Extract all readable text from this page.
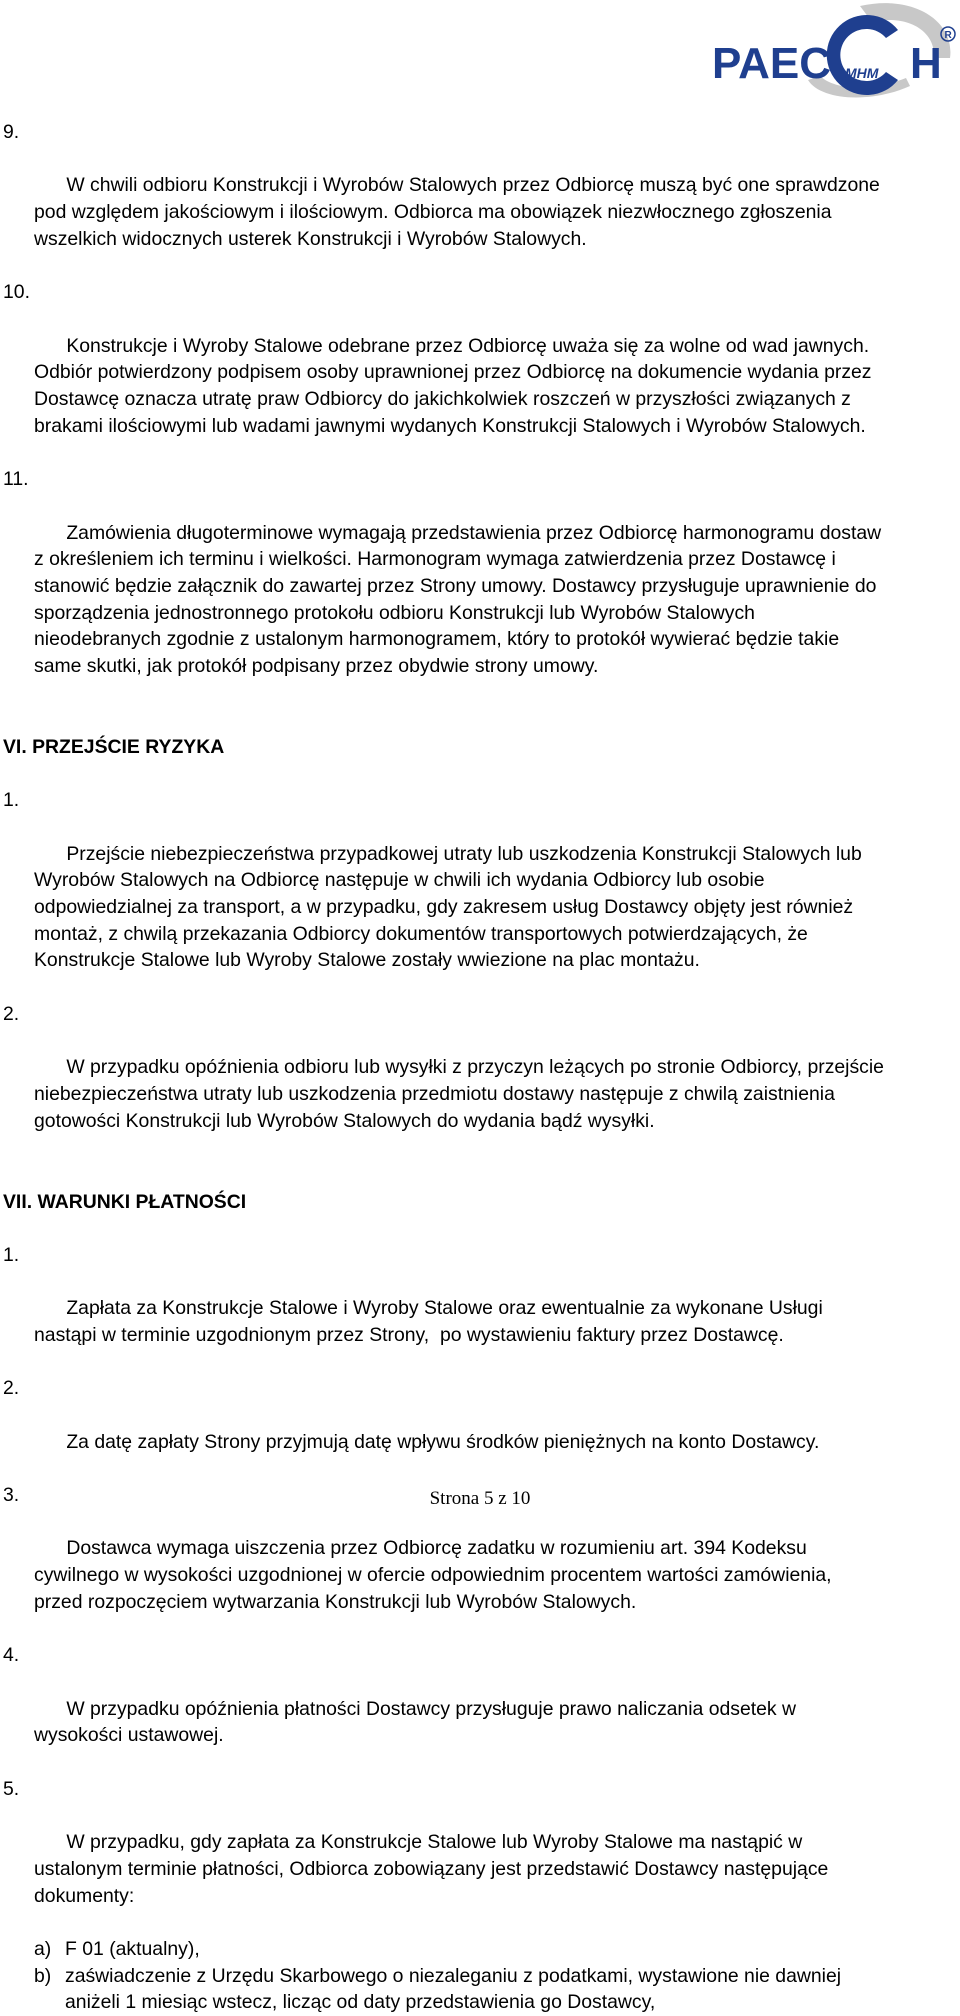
PAEC H
MHM
R

9.

W chwili odbioru Konstrukcji i Wyrobów Stalowych przez Odbiorcę muszą być one sprawdzone pod względem jakościowym i ilościowym. Odbiorca ma obowiązek niezwłocznego zgłoszenia wszelkich widocznych usterek Konstrukcji i Wyrobów Stalowych.

10.

Konstrukcje i Wyroby Stalowe odebrane przez Odbiorcę uważa się za wolne od wad jawnych. Odbiór potwierdzony podpisem osoby uprawnionej przez Odbiorcę na dokumencie wydania przez Dostawcę oznacza utratę praw Odbiorcy do jakichkolwiek roszczeń w przyszłości związanych z brakami ilościowymi lub wadami jawnymi wydanych Konstrukcji Stalowych i Wyrobów Stalowych.

11.

Zamówienia długoterminowe wymagają przedstawienia przez Odbiorcę harmonogramu dostaw z określeniem ich terminu i wielkości. Harmonogram wymaga zatwierdzenia przez Dostawcę i stanowić będzie załącznik do zawartej przez Strony umowy. Dostawcy przysługuje uprawnienie do sporządzenia jednostronnego protokołu odbioru Konstrukcji lub Wyrobów Stalowych nieodebranych zgodnie z ustalonym harmonogramem, który to protokół wywierać będzie takie same skutki, jak protokół podpisany przez obydwie strony umowy.

VI. PRZEJŚCIE RYZYKA

1.

Przejście niebezpieczeństwa przypadkowej utraty lub uszkodzenia Konstrukcji Stalowych lub Wyrobów Stalowych na Odbiorcę następuje w chwili ich wydania Odbiorcy lub osobie odpowiedzialnej za transport, a w przypadku, gdy zakresem usług Dostawcy objęty jest również montaż, z chwilą przekazania Odbiorcy dokumentów transportowych potwierdzających, że Konstrukcje Stalowe lub Wyroby Stalowe zostały wwiezione na plac montażu.

2.

W przypadku opóźnienia odbioru lub wysyłki z przyczyn leżących po stronie Odbiorcy, przejście niebezpieczeństwa utraty lub uszkodzenia przedmiotu dostawy następuje z chwilą zaistnienia gotowości Konstrukcji lub Wyrobów Stalowych do wydania bądź wysyłki.

VII. WARUNKI PŁATNOŚCI

1.

Zapłata za Konstrukcje Stalowe i Wyroby Stalowe oraz ewentualnie za wykonane Usługi nastąpi w terminie uzgodnionym przez Strony,  po wystawieniu faktury przez Dostawcę.

2.

Za datę zapłaty Strony przyjmują datę wpływu środków pieniężnych na konto Dostawcy.

3.

Dostawca wymaga uiszczenia przez Odbiorcę zadatku w rozumieniu art. 394 Kodeksu cywilnego w wysokości uzgodnionej w ofercie odpowiednim procentem wartości zamówienia, przed rozpoczęciem wytwarzania Konstrukcji lub Wyrobów Stalowych.

4.

W przypadku opóźnienia płatności Dostawcy przysługuje prawo naliczania odsetek w wysokości ustawowej.

5.

W przypadku, gdy zapłata za Konstrukcje Stalowe lub Wyroby Stalowe ma nastąpić w ustalonym terminie płatności, Odbiorca zobowiązany jest przedstawić Dostawcy następujące dokumenty:

a) F 01 (aktualny),
b) zaświadczenie z Urzędu Skarbowego o niezaleganiu z podatkami, wystawione nie dawniej aniżeli 1 miesiąc wstecz, licząc od daty przedstawienia go Dostawcy,
Strona 5 z 10
